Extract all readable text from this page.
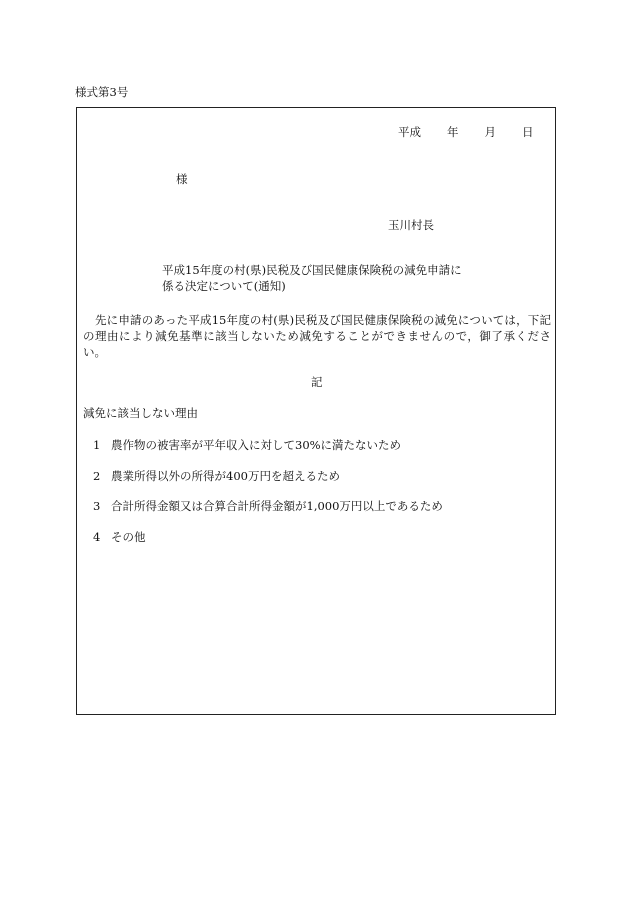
様式第3号
平成 年 月 日
様
玉川村長
平成15年度の村(県)民税及び国民健康保険税の減免申請に
係る決定について(通知)
先に申請のあった平成15年度の村(県)民税及び国民健康保険税の減免については，下記の理由により減免基準に該当しないため減免することができませんので，御了承ください。
記
減免に該当しない理由
1 農作物の被害率が平年収入に対して30%に満たないため
2 農業所得以外の所得が400万円を超えるため
3 合計所得金額又は合算合計所得金額が1,000万円以上であるため
4 その他
